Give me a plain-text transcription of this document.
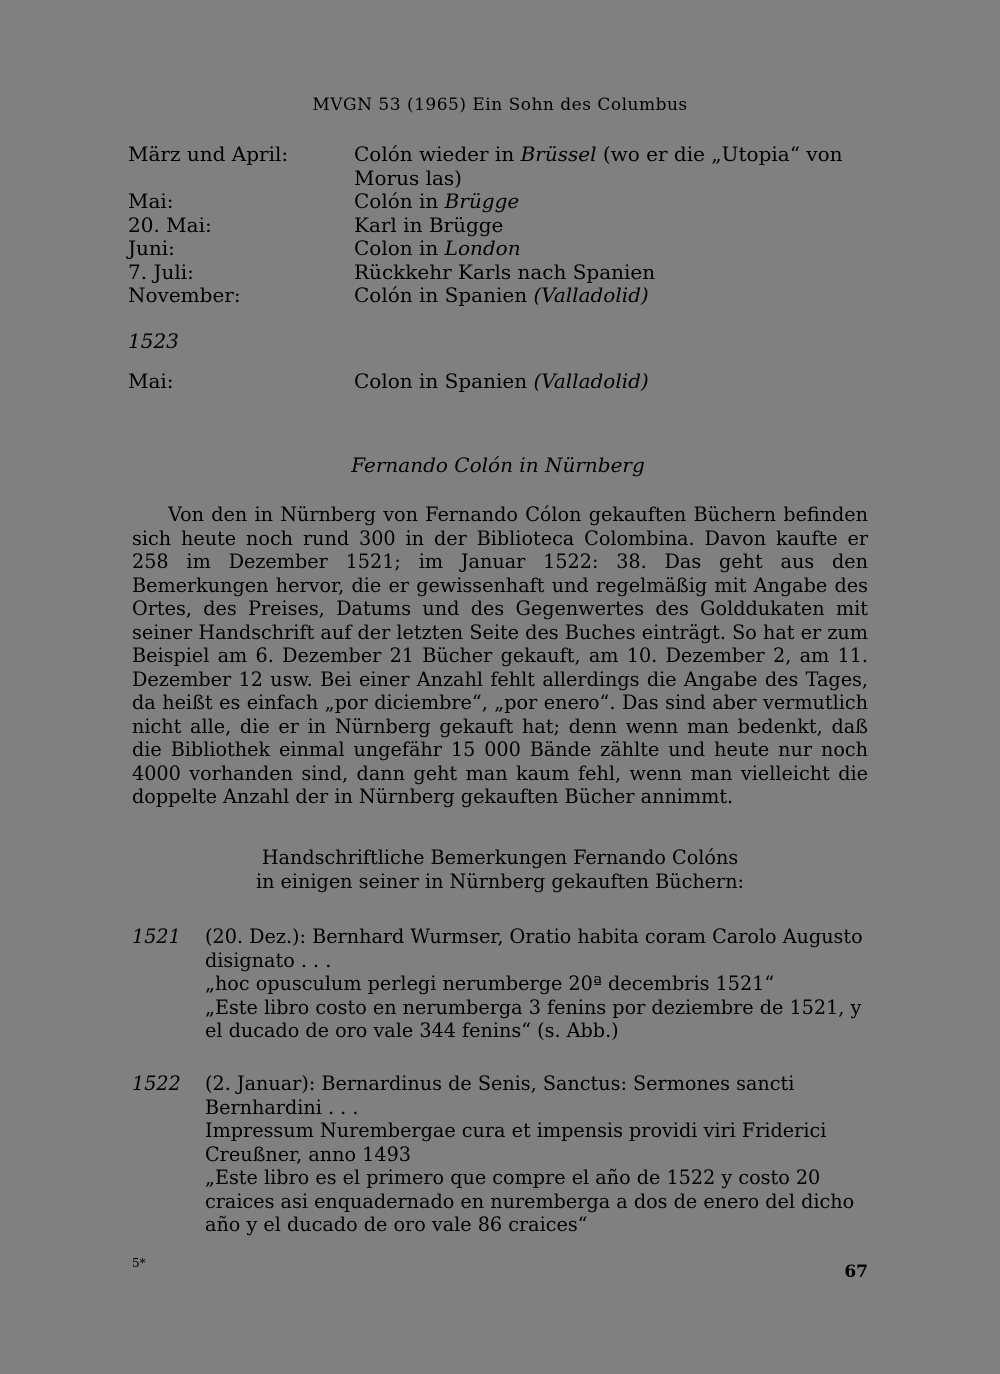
MVGN 53 (1965) Ein Sohn des Columbus
März und April:	Colón wieder in Brüssel (wo er die „Utopia“ von Morus las)
Mai:	Colón in Brügge
20. Mai:	Karl in Brügge
Juni:	Colon in London
7. Juli:	Rückkehr Karls nach Spanien
November:	Colón in Spanien (Valladolid)
1523
Mai:	Colon in Spanien (Valladolid)
Fernando Colón in Nürnberg
Von den in Nürnberg von Fernando Cólon gekauften Büchern befinden sich heute noch rund 300 in der Biblioteca Colombina. Davon kaufte er 258 im Dezember 1521; im Januar 1522: 38. Das geht aus den Bemerkungen hervor, die er gewissenhaft und regelmäßig mit Angabe des Ortes, des Preises, Datums und des Gegenwertes des Golddukaten mit seiner Handschrift auf der letzten Seite des Buches einträgt. So hat er zum Beispiel am 6. Dezember 21 Bücher gekauft, am 10. Dezember 2, am 11. Dezember 12 usw. Bei einer Anzahl fehlt allerdings die Angabe des Tages, da heißt es einfach „por diciembre“, „por enero“. Das sind aber vermutlich nicht alle, die er in Nürnberg gekauft hat; denn wenn man bedenkt, daß die Bibliothek einmal ungefähr 15 000 Bände zählte und heute nur noch 4000 vorhanden sind, dann geht man kaum fehl, wenn man vielleicht die doppelte Anzahl der in Nürnberg gekauften Bücher annimmt.
Handschriftliche Bemerkungen Fernando Colóns
in einigen seiner in Nürnberg gekauften Büchern:
1521 (20. Dez.): Bernhard Wurmser, Oratio habita coram Carolo Augusto disignato . . .

„hoc opusculum perlegi nerumberge 20ª decembris 1521“

„Este libro costo en nerumberga 3 fenins por deziembre de 1521, y el ducado de oro vale 344 fenins“ (s. Abb.)

1522 (2. Januar): Bernardinus de Senis, Sanctus: Sermones sancti Bernhardini . . .

Impressum Nurembergae cura et impensis providi viri Friderici Creußner, anno 1493

„Este libro es el primero que compre el año de 1522 y costo 20 craices asi enquadernado en nuremberga a dos de enero del dicho año y el ducado de oro vale 86 craices“

5*	67
